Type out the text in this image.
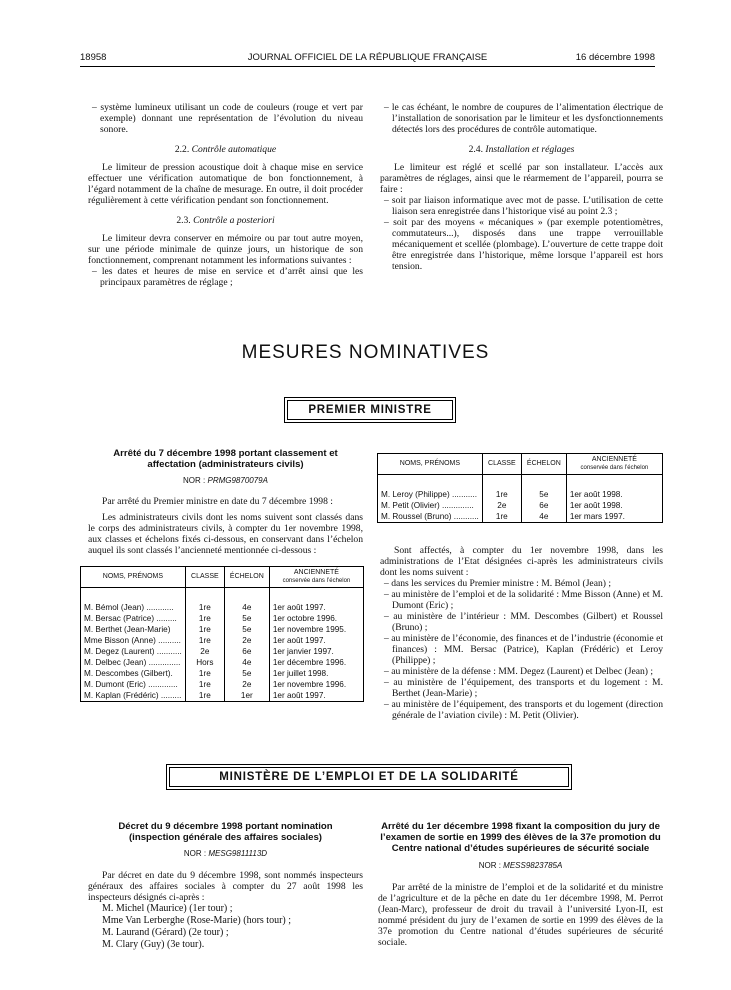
18958	JOURNAL OFFICIEL DE LA RÉPUBLIQUE FRANÇAISE	16 décembre 1998

– système lumineux utilisant un code de couleurs (rouge et vert par exemple) donnant une représentation de l’évolution du niveau sonore.

2.2. Contrôle automatique

Le limiteur de pression acoustique doit à chaque mise en service effectuer une vérification automatique de bon fonctionnement, à l’égard notamment de la chaîne de mesurage. En outre, il doit procéder régulièrement à cette vérification pendant son fonctionnement.

2.3. Contrôle a posteriori

Le limiteur devra conserver en mémoire ou par tout autre moyen, sur une période minimale de quinze jours, un historique de son fonctionnement, comprenant notamment les informations suivantes :

– les dates et heures de mise en service et d’arrêt ainsi que les principaux paramètres de réglage ;

– le cas échéant, le nombre de coupures de l’alimentation électrique de l’installation de sonorisation par le limiteur et les dysfonctionnements détectés lors des procédures de contrôle automatique.

2.4. Installation et réglages

Le limiteur est réglé et scellé par son installateur. L’accès aux paramètres de réglages, ainsi que le réarmement de l’appareil, pourra se faire :

– soit par liaison informatique avec mot de passe. L’utilisation de cette liaison sera enregistrée dans l’historique visé au point 2.3 ;

– soit par des moyens « mécaniques » (par exemple potentiomètres, commutateurs...), disposés dans une trappe verrouillable mécaniquement et scellée (plombage). L’ouverture de cette trappe doit être enregistrée dans l’historique, même lorsque l’appareil est hors tension.

MESURES NOMINATIVES
PREMIER MINISTRE
Arrêté du 7 décembre 1998 portant classement et affectation (administrateurs civils)
NOR : PRMG9870079A

Par arrêté du Premier ministre en date du 7 décembre 1998 :

Les administrateurs civils dont les noms suivent sont classés dans le corps des administrateurs civils, à compter du 1er novembre 1998, aux classes et échelons fixés ci-dessous, en conservant dans l’échelon auquel ils sont classés l’ancienneté mentionnée ci-dessous :

NOMS, PRÉNOMS	CLASSE	ÉCHELON	ANCIENNETÉ
conservée dans l’échelon
M. Bémol (Jean) ............	1re	4e	1er août 1997.
M. Bersac (Patrice) .........	1re	5e	1er octobre 1996.
M. Berthet (Jean-Marie)	1re	5e	1er novembre 1995.
Mme Bisson (Anne) ..........	1re	2e	1er août 1997.
M. Degez (Laurent) ...........	2e	6e	1er janvier 1997.
M. Delbec (Jean) ..............	Hors	4e	1er décembre 1996.
M. Descombes (Gilbert).	1re	5e	1er juillet 1998.
M. Dumont (Eric) .............	1re	2e	1er novembre 1996.
M. Kaplan (Frédéric) .........	1re	1er	1er août 1997.
NOMS, PRÉNOMS	CLASSE	ÉCHELON	ANCIENNETÉ
conservée dans l’échelon
M. Leroy (Philippe) ...........	1re	5e	1er août 1998.
M. Petit (Olivier) ..............	2e	6e	1er août 1998.
M. Roussel (Bruno) ...........	1re	4e	1er mars 1997.

Sont affectés, à compter du 1er novembre 1998, dans les administrations de l’Etat désignées ci-après les administrateurs civils dont les noms suivent :

– dans les services du Premier ministre : M. Bémol (Jean) ;

– au ministère de l’emploi et de la solidarité : Mme Bisson (Anne) et M. Dumont (Eric) ;

– au ministère de l’intérieur : MM. Descombes (Gilbert) et Roussel (Bruno) ;

– au ministère de l’économie, des finances et de l’industrie (économie et finances) : MM. Bersac (Patrice), Kaplan (Frédéric) et Leroy (Philippe) ;

– au ministère de la défense : MM. Degez (Laurent) et Delbec (Jean) ;

– au ministère de l’équipement, des transports et du logement : M. Berthet (Jean-Marie) ;

– au ministère de l’équipement, des transports et du logement (direction générale de l’aviation civile) : M. Petit (Olivier).

MINISTÈRE DE L’EMPLOI ET DE LA SOLIDARITÉ
Décret du 9 décembre 1998 portant nomination (inspection générale des affaires sociales)
NOR : MESG9811113D

Par décret en date du 9 décembre 1998, sont nommés inspecteurs généraux des affaires sociales à compter du 27 août 1998 les inspecteurs désignés ci-après :

M. Michel (Maurice) (1er tour) ;

Mme Van Lerberghe (Rose-Marie) (hors tour) ;

M. Laurand (Gérard) (2e tour) ;

M. Clary (Guy) (3e tour).

Arrêté du 1er décembre 1998 fixant la composition du jury de l’examen de sortie en 1999 des élèves de la 37e promotion du Centre national d’études supérieures de sécurité sociale
NOR : MESS9823785A

Par arrêté de la ministre de l’emploi et de la solidarité et du ministre de l’agriculture et de la pêche en date du 1er décembre 1998, M. Perrot (Jean-Marc), professeur de droit du travail à l’université Lyon-II, est nommé président du jury de l’examen de sortie en 1999 des élèves de la 37e promotion du Centre national d’études supérieures de sécurité sociale.
